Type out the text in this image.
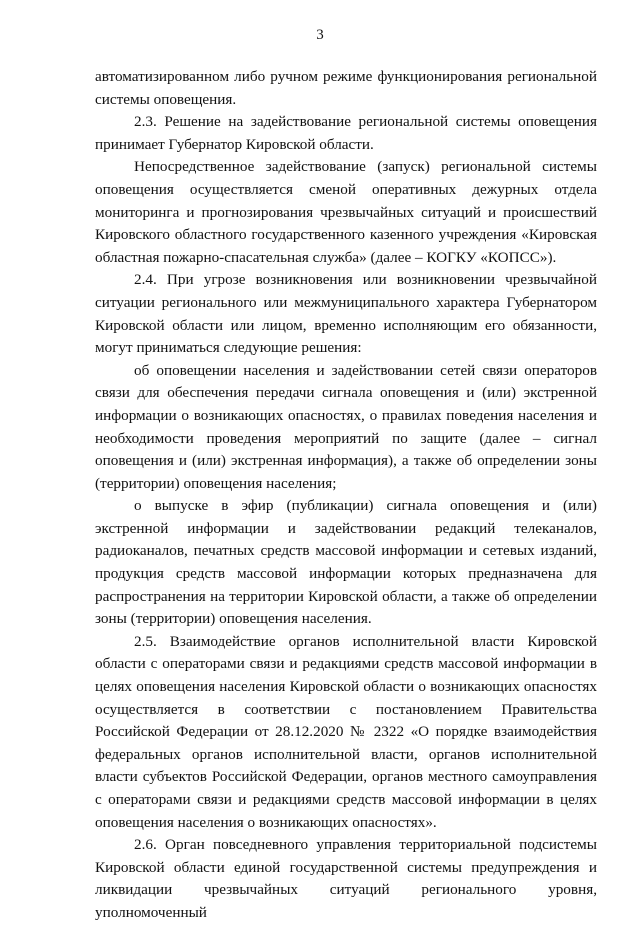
3

автоматизированном либо ручном режиме функционирования региональной системы оповещения.

2.3. Решение на задействование региональной системы оповещения принимает Губернатор Кировской области.

Непосредственное задействование (запуск) региональной системы оповещения осуществляется сменой оперативных дежурных отдела мониторинга и прогнозирования чрезвычайных ситуаций и происшествий Кировского областного государственного казенного учреждения «Кировская областная пожарно-спасательная служба» (далее – КОГКУ «КОПСС»).

2.4. При угрозе возникновения или возникновении чрезвычайной ситуации регионального или межмуниципального характера Губернатором Кировской области или лицом, временно исполняющим его обязанности, могут приниматься следующие решения:

об оповещении населения и задействовании сетей связи операторов связи для обеспечения передачи сигнала оповещения и (или) экстренной информации о возникающих опасностях, о правилах поведения населения и необходимости проведения мероприятий по защите (далее – сигнал оповещения и (или) экстренная информация), а также об определении зоны (территории) оповещения населения;

о выпуске в эфир (публикации) сигнала оповещения и (или) экстренной информации и задействовании редакций телеканалов, радиоканалов, печатных средств массовой информации и сетевых изданий, продукция средств массовой информации которых предназначена для распространения на территории Кировской области, а также об определении зоны (территории) оповещения населения.

2.5. Взаимодействие органов исполнительной власти Кировской области с операторами связи и редакциями средств массовой информации в целях оповещения населения Кировской области о возникающих опасностях осуществляется в соответствии с постановлением Правительства Российской Федерации от 28.12.2020 № 2322 «О порядке взаимодействия федеральных органов исполнительной власти, органов исполнительной власти субъектов Российской Федерации, органов местного самоуправления с операторами связи и редакциями средств массовой информации в целях оповещения населения о возникающих опасностях».

2.6. Орган повседневного управления территориальной подсистемы Кировской области единой государственной системы предупреждения и ликвидации чрезвычайных ситуаций регионального уровня, уполномоченный
